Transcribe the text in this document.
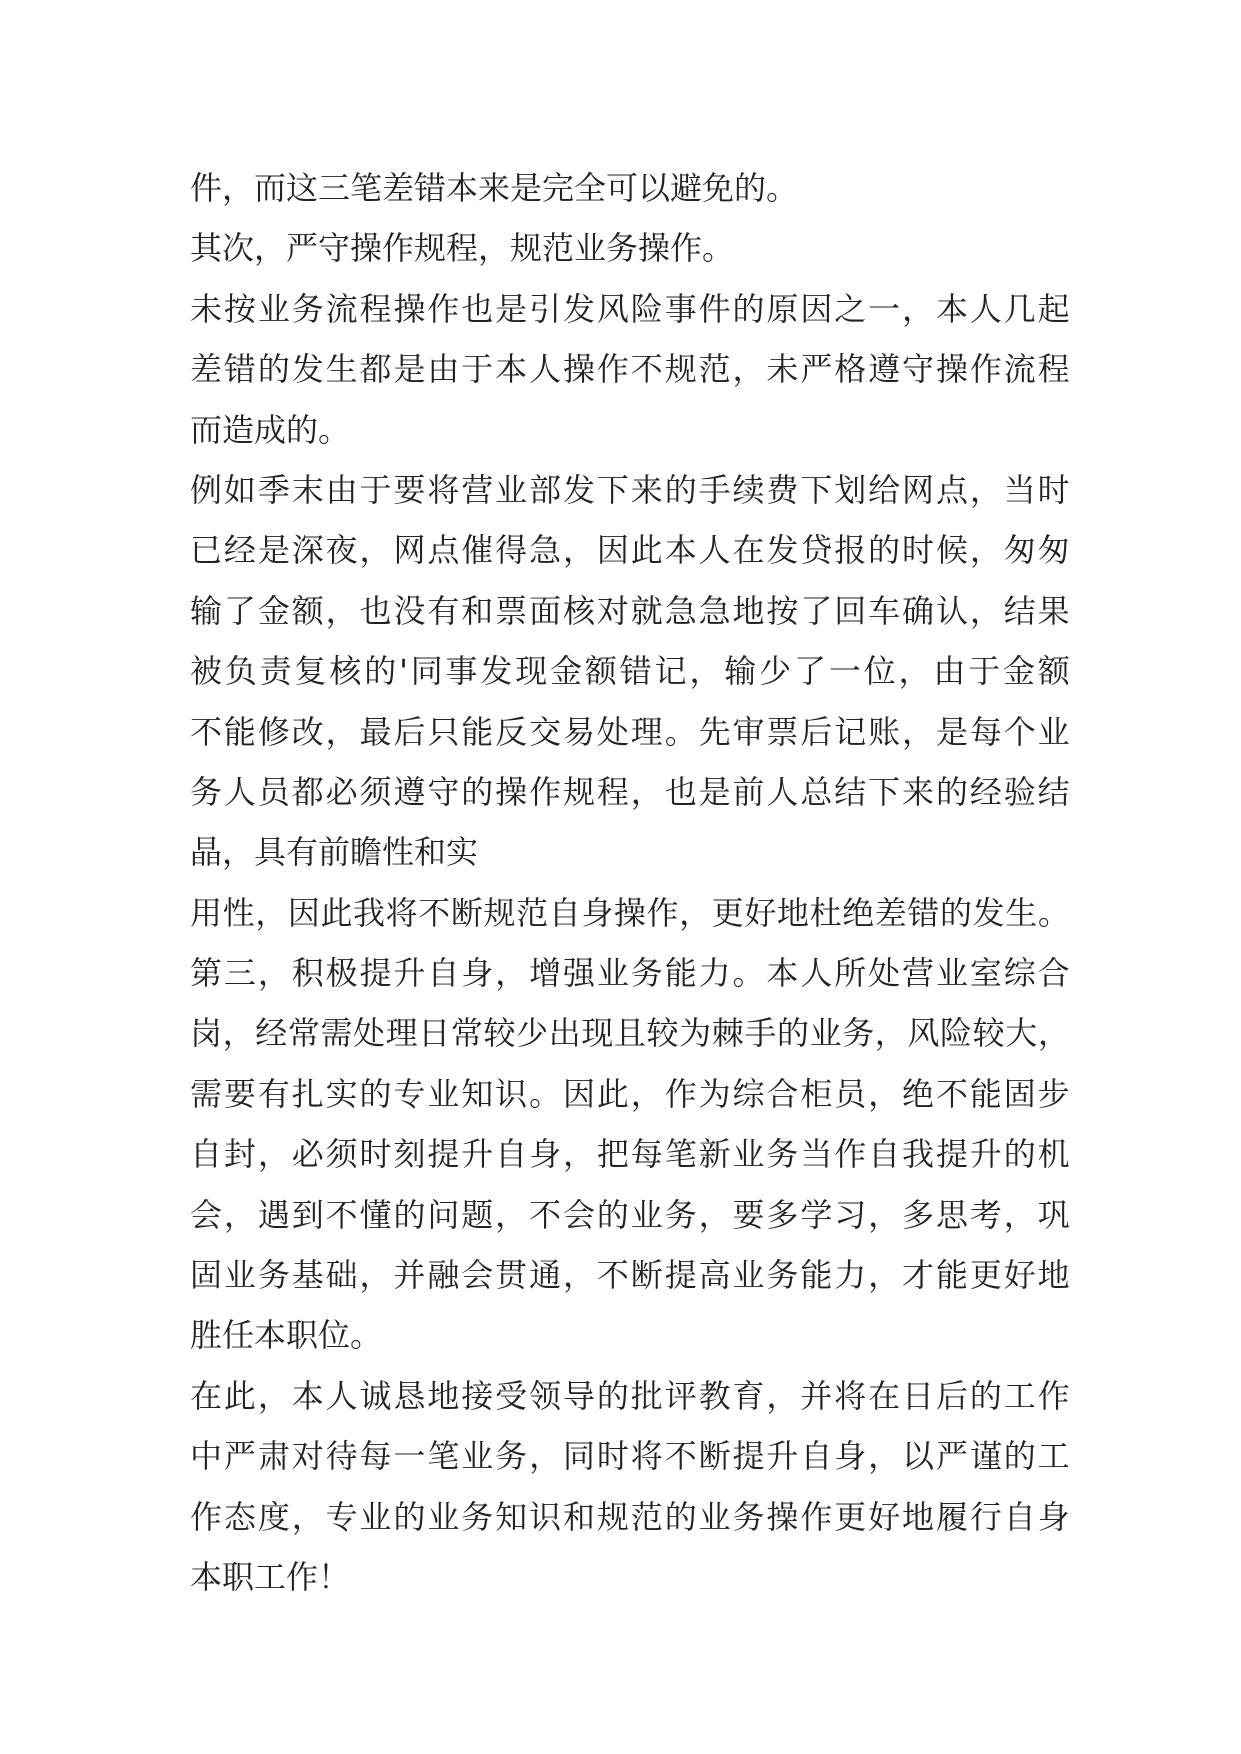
件，而这三笔差错本来是完全可以避免的。
其次，严守操作规程，规范业务操作。
未 按 业 务 流 程 操 作 也 是 引 发 风 险 事 件 的 原 因 之 一 ， 本 人 几 起
差 错 的 发 生 都 是 由 于 本 人 操 作 不 规 范 ， 未 严 格 遵 守 操 作 流 程
而造成的。
例 如 季 末 由 于 要 将 营 业 部 发 下 来 的 手 续 费 下 划 给 网 点 ， 当 时
已 经 是 深 夜 ， 网 点 催 得 急 ， 因 此 本 人 在 发 贷 报 的 时 候 ， 匆 匆
输 了 金 额 ， 也 没 有 和 票 面 核 对 就 急 急 地 按 了 回 车 确 认 ， 结 果
被 负 责 复 核 的 ' 同 事 发 现 金 额 错 记 ， 输 少 了 一 位 ， 由 于 金 额
不 能 修 改 ， 最 后 只 能 反 交 易 处 理 。 先 审 票 后 记 账 ， 是 每 个 业
务 人 员 都 必 须 遵 守 的 操 作 规 程 ， 也 是 前 人 总 结 下 来 的 经 验 结
晶，具有前瞻性和实
用 性 ， 因 此 我 将 不 断 规 范 自 身 操 作 ， 更 好 地 杜 绝 差 错 的 发 生 。
第 三 ， 积 极 提 升 自 身 ， 增 强 业 务 能 力 。 本 人 所 处 营 业 室 综 合
岗 ， 经 常 需 处 理 日 常 较 少 出 现 且 较 为 棘 手 的 业 务 ， 风 险 较 大 ，
需 要 有 扎 实 的 专 业 知 识 。 因 此 ， 作 为 综 合 柜 员 ， 绝 不 能 固 步
自 封 ， 必 须 时 刻 提 升 自 身 ， 把 每 笔 新 业 务 当 作 自 我 提 升 的 机
会 ， 遇 到 不 懂 的 问 题 ， 不 会 的 业 务 ， 要 多 学 习 ， 多 思 考 ， 巩
固 业 务 基 础 ， 并 融 会 贯 通 ， 不 断 提 高 业 务 能 力 ， 才 能 更 好 地
胜任本职位。
在 此 ， 本 人 诚 恳 地 接 受 领 导 的 批 评 教 育 ， 并 将 在 日 后 的 工 作
中 严 肃 对 待 每 一 笔 业 务 ， 同 时 将 不 断 提 升 自 身 ， 以 严 谨 的 工
作 态 度 ， 专 业 的 业 务 知 识 和 规 范 的 业 务 操 作 更 好 地 履 行 自 身
本职工作！
